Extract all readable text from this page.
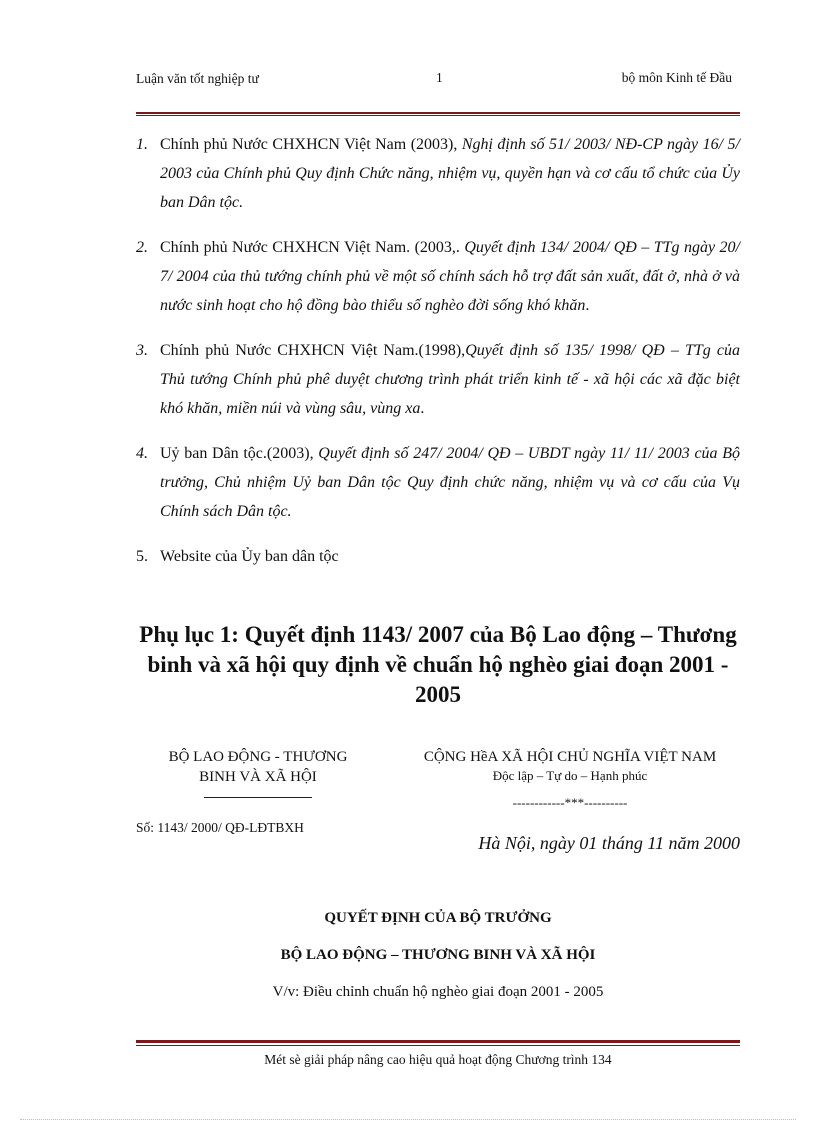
Luận văn tốt nghiệp tư	1	bộ môn Kinh tế Đầu
1. Chính phủ Nước CHXHCN Việt Nam (2003), Nghị định số 51/ 2003/ NĐ-CP ngày 16/ 5/ 2003 của Chính phủ Quy định Chức năng, nhiệm vụ, quyền hạn và cơ cấu tổ chức của Ủy ban Dân tộc.
2. Chính phủ Nước CHXHCN Việt Nam. (2003,. Quyết định 134/ 2004/ QĐ – TTg ngày 20/ 7/ 2004 của thủ tướng chính phủ về một số chính sách hỗ trợ đất sản xuất, đất ở, nhà ở và nước sinh hoạt cho hộ đồng bào thiểu số nghèo đời sống khó khăn.
3. Chính phủ Nước CHXHCN Việt Nam.(1998),Quyết định số 135/ 1998/ QĐ – TTg của Thủ tướng Chính phủ phê duyệt chương trình phát triển kinh tế - xã hội các xã đặc biệt khó khăn, miền núi và vùng sâu, vùng xa.
4. Uỷ ban Dân tộc.(2003), Quyết định số 247/ 2004/ QĐ – UBDT ngày 11/ 11/ 2003 của Bộ trưởng, Chủ nhiệm Uỷ ban Dân tộc Quy định chức năng, nhiệm vụ và cơ cấu của Vụ Chính sách Dân tộc.
5. Website của Ủy ban dân tộc
Phụ lục 1: Quyết định 1143/ 2007 của Bộ Lao động – Thương binh và xã hội quy định về chuẩn hộ nghèo giai đoạn 2001 - 2005
BỘ LAO ĐỘNG - THƯƠNG
BINH VÀ XÃ HỘI
Số: 1143/ 2000/ QĐ-LĐTBXH
CỘNG HềA XÃ HỘI CHỦ NGHĨA VIỆT NAM
Độc lập – Tự do – Hạnh phúc
------------***----------
Hà Nội, ngày 01 tháng 11 năm 2000
QUYẾT ĐỊNH CỦA BỘ TRƯỞNG
BỘ LAO ĐỘNG – THƯƠNG BINH VÀ XÃ HỘI
V/v: Điều chỉnh chuẩn hộ nghèo giai đoạn 2001 - 2005
Mét sè giải pháp nâng cao hiệu quả hoạt động Chương trình 134
